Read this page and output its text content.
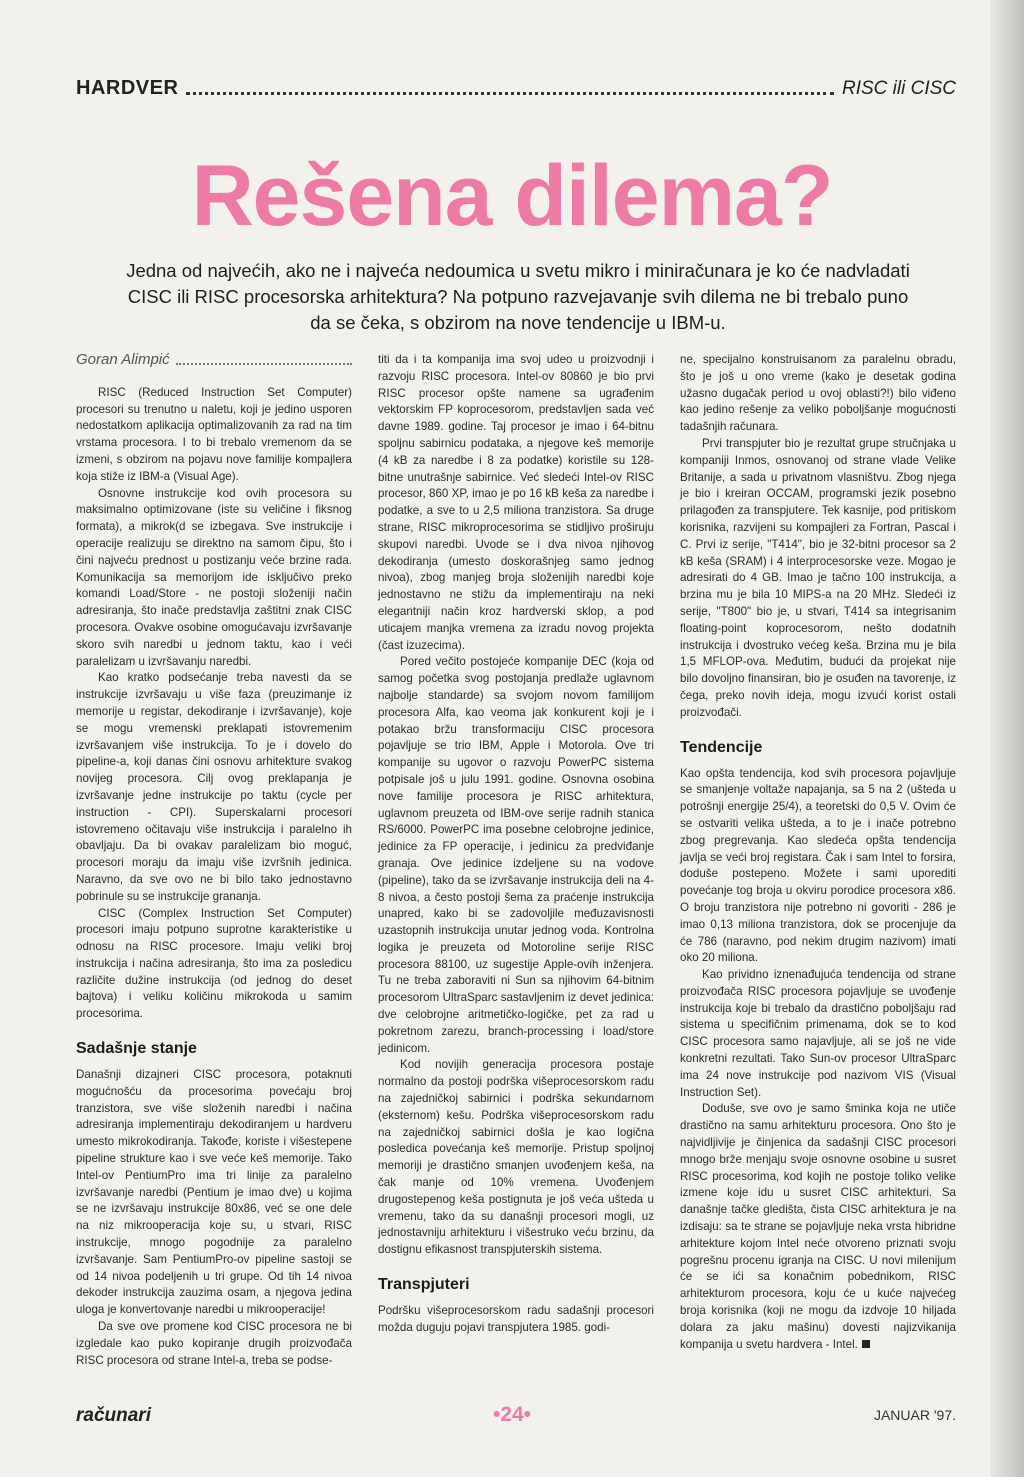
HARDVER	RISC ili CISC
Rešena dilema?
Jedna od najvećih, ako ne i najveća nedoumica u svetu mikro i miniračunara je ko će nadvladati CISC ili RISC procesorska arhitektura? Na potpuno razvejavanje svih dilema ne bi trebalo puno da se čeka, s obzirom na nove tendencije u IBM-u.
Goran Alimpić

RISC (Reduced Instruction Set Computer) procesori su trenutno u naletu, koji je jedino usporen nedostatkom aplikacija optimalizovanih za rad na tim vrstama procesora. I to bi trebalo vremenom da se izmeni, s obzirom na pojavu nove familije kompajlera koja stiže iz IBM-a (Visual Age).

Osnovne instrukcije kod ovih procesora su maksimalno optimizovane (iste su veličine i fiksnog formata), a mikrok(d se izbegava. Sve instrukcije i operacije realizuju se direktno na samom čipu, što i čini najveću prednost u postizanju veće brzine rada. Komunikacija sa memorijom ide isključivo preko komandi Load/Store - ne postoji složeniji način adresiranja, što inače predstavlja zaštitni znak CISC procesora. Ovakve osobine omogućavaju izvršavanje skoro svih naredbi u jednom taktu, kao i veći paralelizam u izvršavanju naredbi.

Kao kratko podsećanje treba navesti da se instrukcije izvršavaju u više faza (preuzimanje iz memorije u registar, dekodiranje i izvršavanje), koje se mogu vremenski preklapati istovremenim izvršavanjem više instrukcija. To je i dovelo do pipeline-a, koji danas čini osnovu arhitekture svakog novijeg procesora. Cilj ovog preklapanja je izvršavanje jedne instrukcije po taktu (cycle per instruction - CPI). Superskalarni procesori istovremeno očitavaju više instrukcija i paralelno ih obavljaju. Da bi ovakav paralelizam bio moguć, procesori moraju da imaju više izvršnih jedinica. Naravno, da sve ovo ne bi bilo tako jednostavno pobrinule su se instrukcije grananja.

CISC (Complex Instruction Set Computer) procesori imaju potpuno suprotne karakteristike u odnosu na RISC procesore. Imaju veliki broj instrukcija i načina adresiranja, što ima za posledicu različite dužine instrukcija (od jednog do deset bajtova) i veliku količinu mikrokoda u samim procesorima.

Sadašnje stanje

Današnji dizajneri CISC procesora, potaknuti mogućnošću da procesorima povećaju broj tranzistora, sve više složenih naredbi i načina adresiranja implementiraju dekodiranjem u hardveru umesto mikrokodiranja. Takođe, koriste i višestepene pipeline strukture kao i sve veće keš memorije. Tako Intel-ov PentiumPro ima tri linije za paralelno izvršavanje naredbi (Pentium je imao dve) u kojima se ne izvršavaju instrukcije 80x86, već se one dele na niz mikrooperacija koje su, u stvari, RISC instrukcije, mnogo pogodnije za paralelno izvršavanje. Sam PentiumPro-ov pipeline sastoji se od 14 nivoa podeljenih u tri grupe. Od tih 14 nivoa dekoder instrukcija zauzima osam, a njegova jedina uloga je konvertovanje naredbi u mikrooperacije!

Da sve ove promene kod CISC procesora ne bi izgledale kao puko kopiranje drugih proizvođača RISC procesora od strane Intel-a, treba se podse-

titi da i ta kompanija ima svoj udeo u proizvodnji i razvoju RISC procesora. Intel-ov 80860 je bio prvi RISC procesor opšte namene sa ugrađenim vektorskim FP koprocesorom, predstavljen sada već davne 1989. godine. Taj procesor je imao i 64-bitnu spoljnu sabirnicu podataka, a njegove keš memorije (4 kB za naredbe i 8 za podatke) koristile su 128-bitne unutrašnje sabirnice. Već sledeći Intel-ov RISC procesor, 860 XP, imao je po 16 kB keša za naredbe i podatke, a sve to u 2,5 miliona tranzistora. Sa druge strane, RISC mikroprocesorima se stidljivo proširuju skupovi naredbi. Uvode se i dva nivoa njihovog dekodiranja (umesto doskorašnjeg samo jednog nivoa), zbog manjeg broja složenijih naredbi koje jednostavno ne stižu da implementiraju na neki elegantniji način kroz hardverski sklop, a pod uticajem manjka vremena za izradu novog projekta (čast izuzecima).

Pored večito postojeće kompanije DEC (koja od samog početka svog postojanja predlaže uglavnom najbolje standarde) sa svojom novom familijom procesora Alfa, kao veoma jak konkurent koji je i potakao bržu transformaciju CISC procesora pojavljuje se trio IBM, Apple i Motorola. Ove tri kompanije su ugovor o razvoju PowerPC sistema potpisale još u julu 1991. godine. Osnovna osobina nove familije procesora je RISC arhitektura, uglavnom preuzeta od IBM-ove serije radnih stanica RS/6000. PowerPC ima posebne celobrojne jedinice, jedinice za FP operacije, i jedinicu za predviđanje granaja. Ove jedinice izdeljene su na vodove (pipeline), tako da se izvršavanje instrukcija deli na 4-8 nivoa, a često postoji šema za praćenje instrukcija unapred, kako bi se zadovoljile međuzavisnosti uzastopnih instrukcija unutar jednog voda. Kontrolna logika je preuzeta od Motorolinе serije RISC procesora 88100, uz sugestije Apple-ovih inženjera. Tu ne treba zaboraviti ni Sun sa njihovim 64-bitnim procesorom UltraSparc sastavljenim iz devet jedinica: dve celobrojne aritmetičko-logičke, pet za rad u pokretnom zarezu, branch-processing i load/store jedinicom.

Kod novijih generacija procesora postaje normalno da postoji podrška višeprocesorskom radu na zajedničkoj sabirnici i podrška sekundarnom (eksternom) kešu. Podrška višeprocesorskom radu na zajedničkoj sabirnici došla je kao logična posledica povećanja keš memorije. Pristup spoljnoj memoriji je drastično smanjen uvođenjem keša, na čak manje od 10% vremena. Uvođenjem drugostepenog keša postignuta je još veća ušteda u vremenu, tako da su današnji procesori mogli, uz jednostavniju arhitekturu i višestruko veću brzinu, da dostignu efikasnost transpjuterskih sistema.

Transpjuteri

Podršku višeprocesorskom radu sadašnji procesori možda duguju pojavi transpjutera 1985. godi-

ne, specijalno konstruisanom za paralelnu obradu, što je još u ono vreme (kako je desetak godina užasno dugačak period u ovoj oblasti?!) bilo viđeno kao jedino rešenje za veliko poboljšanje mogućnosti tadašnjih računara.

Prvi transpjuter bio je rezultat grupe stručnjaka u kompaniji Inmos, osnovanoj od strane vlade Velike Britanije, a sada u privatnom vlasništvu. Zbog njega je bio i kreiran OCCAM, programski jezik posebno prilagođen za transpjutere. Tek kasnije, pod pritiskom korisnika, razvijeni su kompajleri za Fortran, Pascal i C. Prvi iz serije, "T414", bio je 32-bitni procesor sa 2 kB keša (SRAM) i 4 interprocesorske veze. Mogao je adresirati do 4 GB. Imao je tačno 100 instrukcija, a brzina mu je bila 10 MIPS-a na 20 MHz. Sledeći iz serije, "T800" bio je, u stvari, T414 sa integrisanim floating-point koprocesorom, nešto dodatnih instrukcija i dvostruko većeg keša. Brzina mu je bila 1,5 MFLOP-ova. Međutim, budući da projekat nije bilo dovoljno finansiran, bio je osuđen na tavorenje, iz čega, preko novih ideja, mogu izvući korist ostali proizvođači.

Tendencije

Kao opšta tendencija, kod svih procesora pojavljuje se smanjenje voltaže napajanja, sa 5 na 2 (ušteda u potrošnji energije 25/4), a teoretski do 0,5 V. Ovim će se ostvariti velika ušteda, a to je i inače potrebno zbog pregrevanja. Kao sledeća opšta tendencija javlja se veći broj registara. Čak i sam Intel to forsira, doduše postepeno. Možete i sami uporediti povećanje tog broja u okviru porodice procesora x86. O broju tranzistora nije potrebno ni govoriti - 286 je imao 0,13 miliona tranzistora, dok se procenjuje da će 786 (naravno, pod nekim drugim nazivom) imati oko 20 miliona.

Kao prividno iznenađujuća tendencija od strane proizvođača RISC procesora pojavljuje se uvođenje instrukcija koje bi trebalo da drastično poboljšaju rad sistema u specifičnim primenama, dok se to kod CISC procesora samo najavljuje, ali se još ne vide konkretni rezultati. Tako Sun-ov procesor UltraSparc ima 24 nove instrukcije pod nazivom VIS (Visual Instruction Set).

Doduše, sve ovo je samo šminka koja ne utiče drastično na samu arhitekturu procesora. Ono što je najvidljivije je činjenica da sadašnji CISC procesori mnogo brže menjaju svoje osnovne osobine u susret RISC procesorima, kod kojih ne postoje toliko velike izmene koje idu u susret CISC arhitekturi. Sa današnje tačke gledišta, čista CISC arhitektura je na izdisaju: sa te strane se pojavljuje neka vrsta hibridne arhitekture kojom Intel neće otvoreno priznati svoju pogrešnu procenu igranja na CISC. U novi milenijum će se ići sa konačnim pobednikom, RISC arhitekturom procesora, koju će u kuće najvećeg broja korisnika (koji ne mogu da izdvoje 10 hiljada dolara za jaku mašinu) dovesti najizvikanija kompanija u svetu hardvera - Intel.

računari	•24•	JANUAR '97.
